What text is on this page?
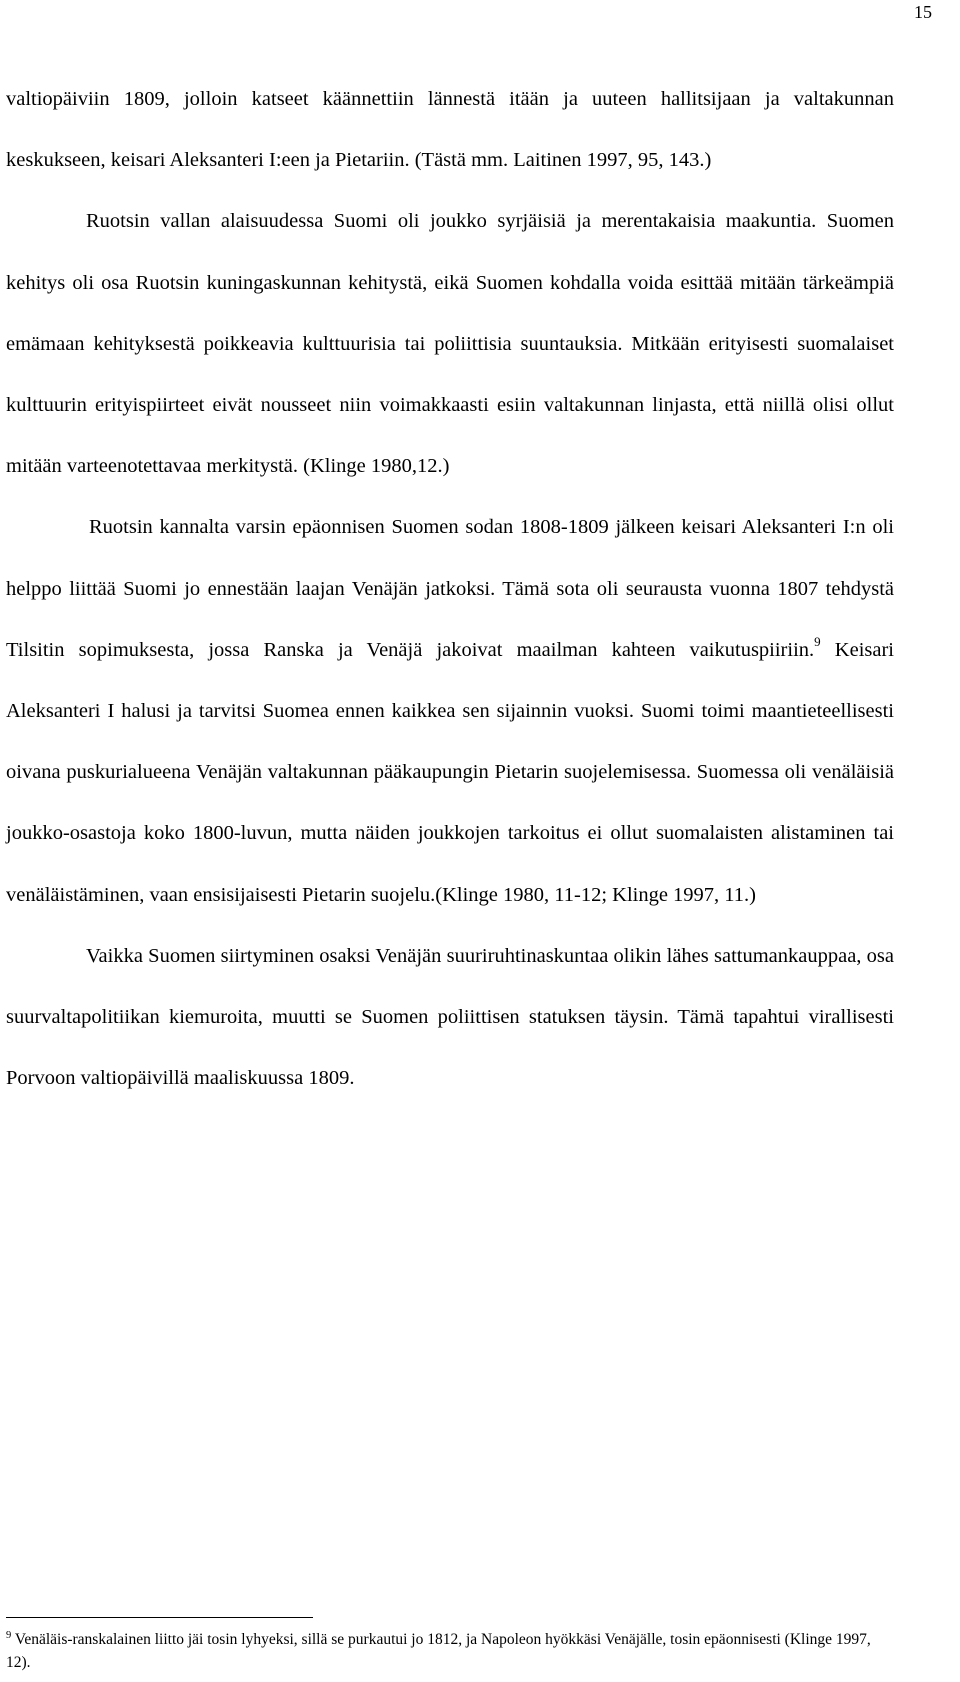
15

valtiopäiviin 1809, jolloin katseet käännettiin lännestä itään ja uuteen hallitsijaan ja valtakunnan keskukseen, keisari Aleksanteri I:een ja Pietariin. (Tästä mm. Laitinen 1997, 95, 143.)

Ruotsin vallan alaisuudessa Suomi oli joukko syrjäisiä ja merentakaisia maakuntia. Suomen kehitys oli osa Ruotsin kuningaskunnan kehitystä, eikä Suomen kohdalla voida esittää mitään tärkeämpiä emämaan kehityksestä poikkeavia kulttuurisia tai poliittisia suuntauksia. Mitkään erityisesti suomalaiset kulttuurin erityispiirteet eivät nousseet niin voimakkaasti esiin valtakunnan linjasta, että niillä olisi ollut mitään varteenotettavaa merkitystä. (Klinge 1980,12.)

Ruotsin kannalta varsin epäonnisen Suomen sodan 1808-1809 jälkeen keisari Aleksanteri I:n oli helppo liittää Suomi jo ennestään laajan Venäjän jatkoksi. Tämä sota oli seurausta vuonna 1807 tehdystä Tilsitin sopimuksesta, jossa Ranska ja Venäjä jakoivat maailman kahteen vaikutuspiiriin.$^9$ Keisari Aleksanteri I halusi ja tarvitsi Suomea ennen kaikkea sen sijainnin vuoksi. Suomi toimi maantieteellisesti oivana puskurialueena Venäjän valtakunnan pääkaupungin Pietarin suojelemisessa. Suomessa oli venäläisiä joukko-osastoja koko 1800-luvun, mutta näiden joukkojen tarkoitus ei ollut suomalaisten alistaminen tai venäläistäminen, vaan ensisijaisesti Pietarin suojelu.(Klinge 1980, 11-12; Klinge 1997, 11.)

Vaikka Suomen siirtyminen osaksi Venäjän suuriruhtinaskuntaa olikin lähes sattumankauppaa, osa suurvaltapolitiikan kiemuroita, muutti se Suomen poliittisen statuksen täysin. Tämä tapahtui virallisesti Porvoon valtiopäivillä maaliskuussa 1809.

$^9$ Venäläis-ranskalainen liitto jäi tosin lyhyeksi, sillä se purkautui jo 1812, ja Napoleon hyökkäsi Venäjälle, tosin epäonnisesti (Klinge 1997, 12).
